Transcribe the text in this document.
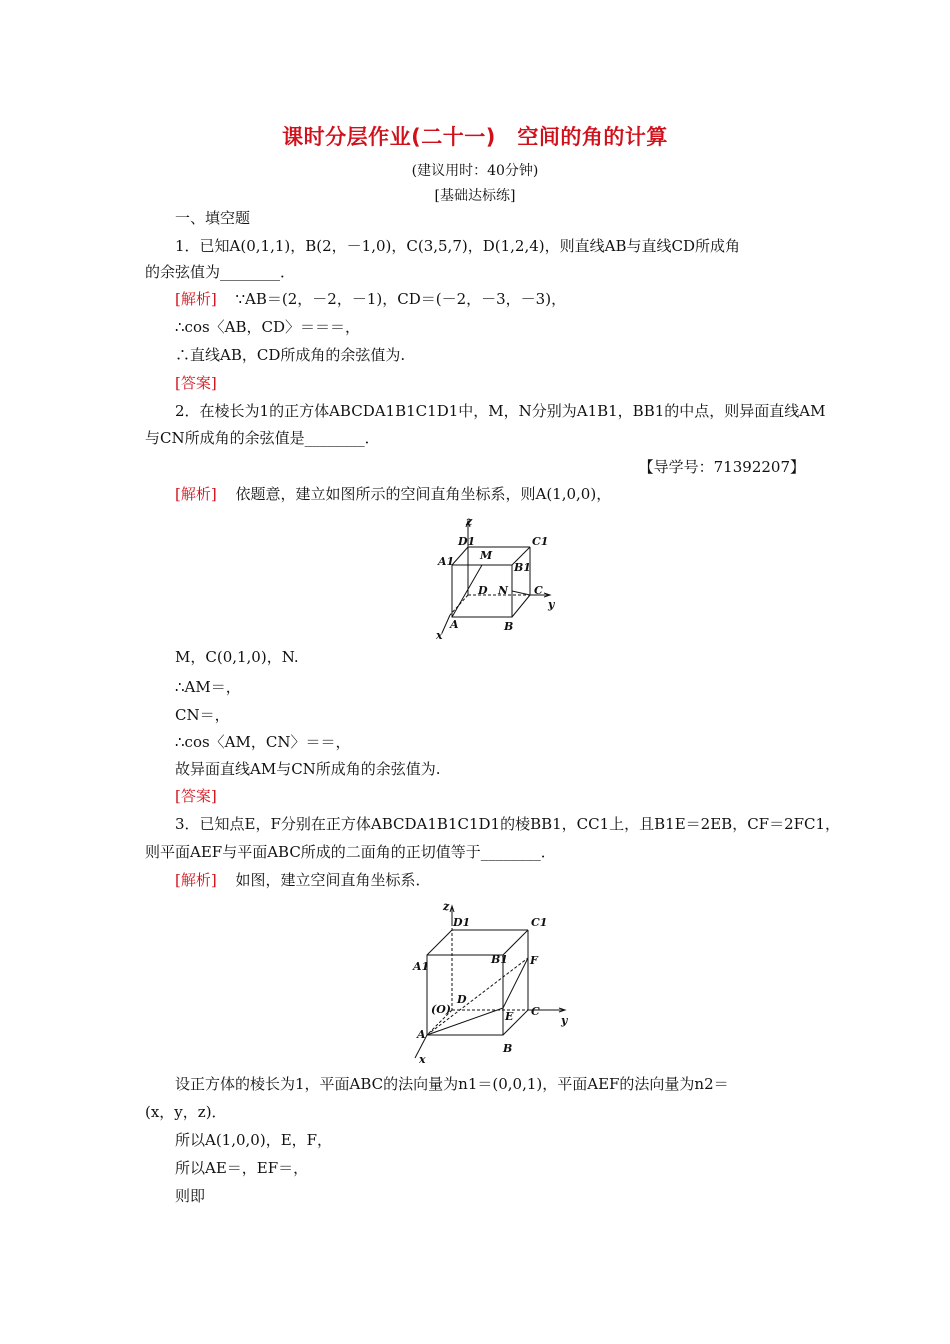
课时分层作业(二十一)　空间的角的计算
(建议用时：40分钟)
[基础达标练]
一、填空题
1．已知A(0,1,1)，B(2，－1,0)，C(3,5,7)，D(1,2,4)，则直线AB与直线CD所成角
的余弦值为________．
[解析] ∵AB＝(2，－2，－1)，CD＝(－2，－3，－3)，
∴cos〈AB，CD〉＝＝＝，
∴直线AB，CD所成角的余弦值为.
[答案]
2．在棱长为1的正方体ABCDA1B1C1D1中，M，N分别为A1B1，BB1的中点，则异面直线AM
与CN所成角的余弦值是________．
【导学号：71392207】
[解析] 依题意，建立如图所示的空间直角坐标系，则A(1,0,0)，
z
D1	C1
A1 M
B1
D N C
y
A	B
x
M，C(0,1,0)，N.
∴AM＝，
CN＝，
∴cos〈AM，CN〉＝＝，
故异面直线AM与CN所成角的余弦值为.
[答案]
3．已知点E，F分别在正方体ABCDA1B1C1D1的棱BB1，CC1上，且B1E＝2EB，CF＝2FC1，
则平面AEF与平面ABC所成的二面角的正切值等于________．
[解析] 如图，建立空间直角坐标系．
z
D1	C1
A1
B1 F
(O)
D
E C
y
A
B
x
设正方体的棱长为1，平面ABC的法向量为n1＝(0,0,1)，平面AEF的法向量为n2＝
(x，y，z)．
所以A(1,0,0)，E，F，
所以AE＝，EF＝，
则即
